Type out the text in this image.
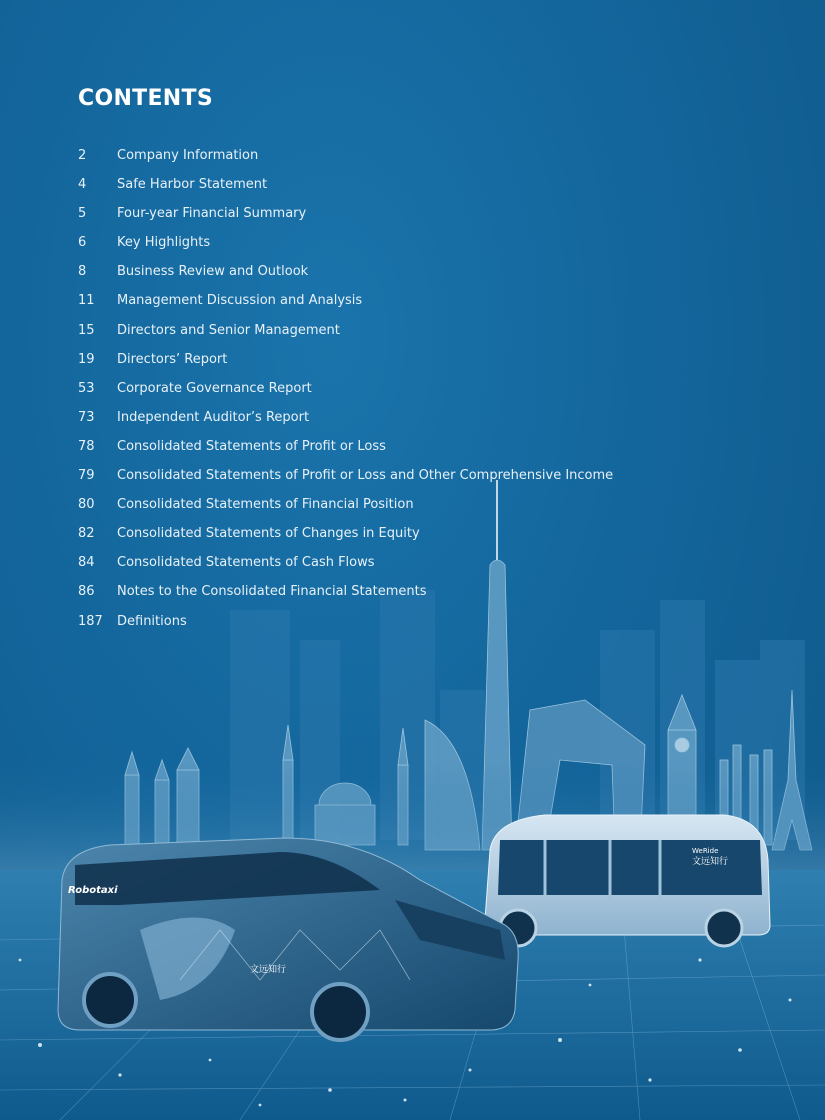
WeRide
文远知行
Robotaxi
文远知行
CONTENTS
2	Company Information
4	Safe Harbor Statement
5	Four-year Financial Summary
6	Key Highlights
8	Business Review and Outlook
11	Management Discussion and Analysis
15	Directors and Senior Management
19	Directors’ Report
53	Corporate Governance Report
73	Independent Auditor’s Report
78	Consolidated Statements of Profit or Loss
79	Consolidated Statements of Profit or Loss and Other Comprehensive Income
80	Consolidated Statements of Financial Position
82	Consolidated Statements of Changes in Equity
84	Consolidated Statements of Cash Flows
86	Notes to the Consolidated Financial Statements
187	Definitions
